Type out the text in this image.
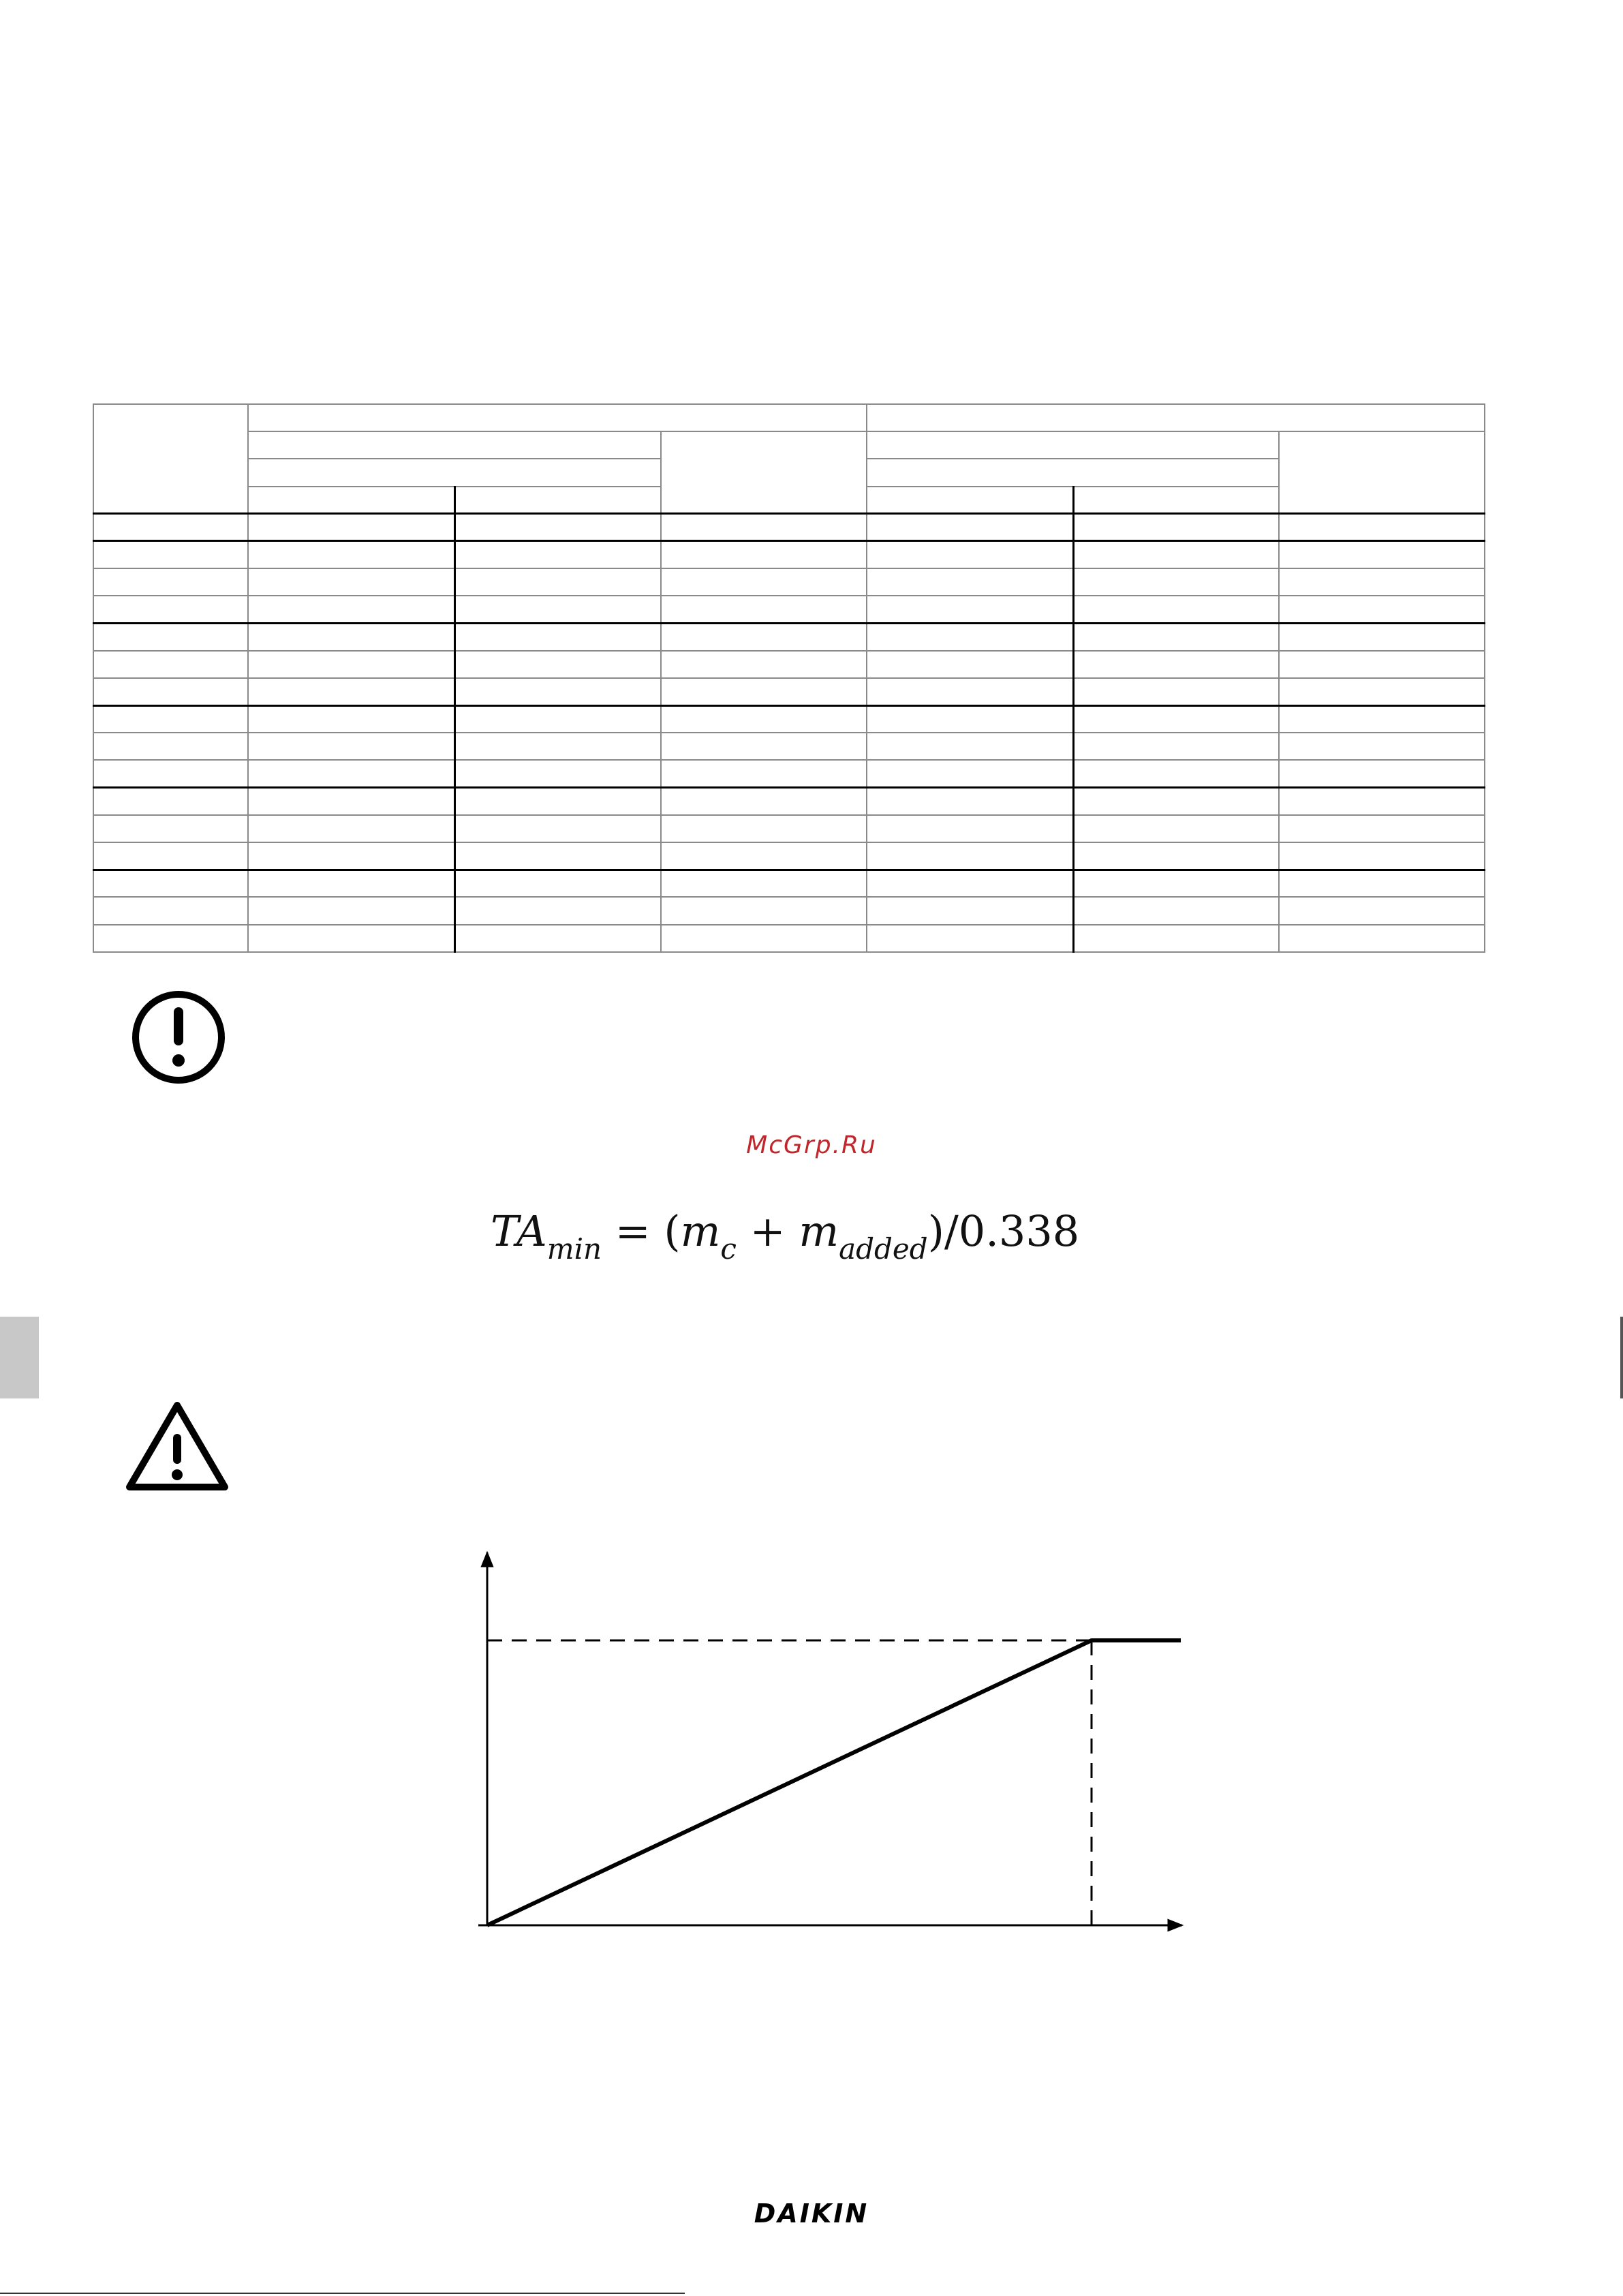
McGrp.Ru
$TA_{min} = (m_c + m_{added})/0.338$
DAIKIN
